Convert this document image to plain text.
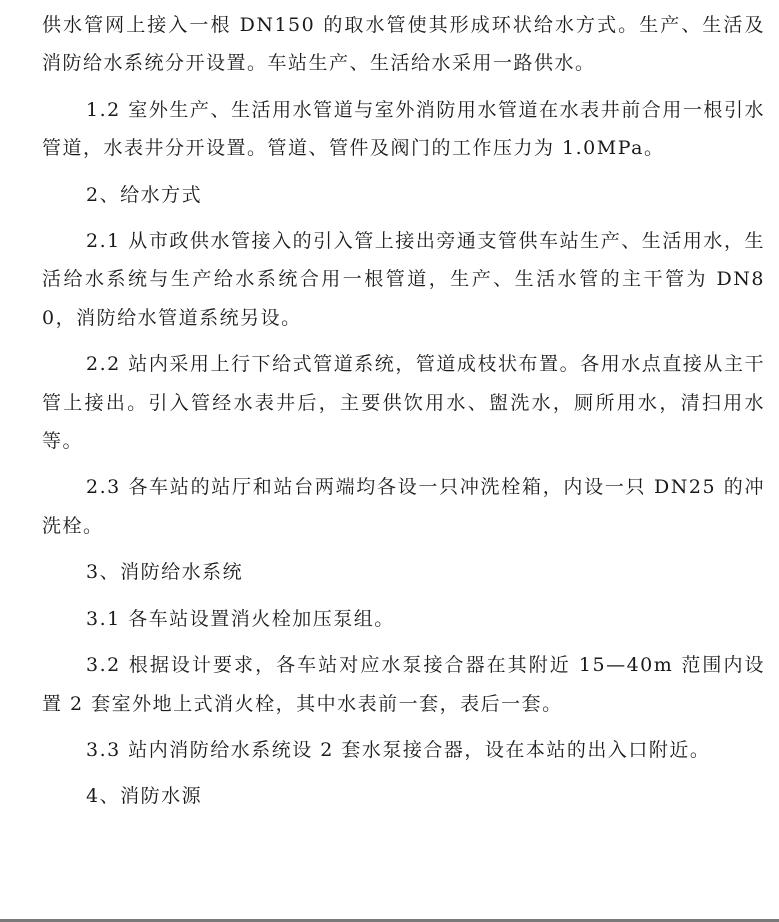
供水管网上接入一根 DN150 的取水管使其形成环状给水方式。生产、生活及消防给水系统分开设置。车站生产、生活给水采用一路供水。

1.2 室外生产、生活用水管道与室外消防用水管道在水表井前合用一根引水管道，水表井分开设置。管道、管件及阀门的工作压力为 1.0MPa。

2、给水方式

2.1 从市政供水管接入的引入管上接出旁通支管供车站生产、生活用水，生活给水系统与生产给水系统合用一根管道，生产、生活水管的主干管为 DN80，消防给水管道系统另设。

2.2 站内采用上行下给式管道系统，管道成枝状布置。各用水点直接从主干管上接出。引入管经水表井后，主要供饮用水、盥洗水，厕所用水，清扫用水等。

2.3 各车站的站厅和站台两端均各设一只冲洗栓箱，内设一只 DN25 的冲洗栓。

3、消防给水系统

3.1 各车站设置消火栓加压泵组。

3.2 根据设计要求，各车站对应水泵接合器在其附近 15—40m 范围内设置 2 套室外地上式消火栓，其中水表前一套，表后一套。

3.3 站内消防给水系统设 2 套水泵接合器，设在本站的出入口附近。

4、消防水源
